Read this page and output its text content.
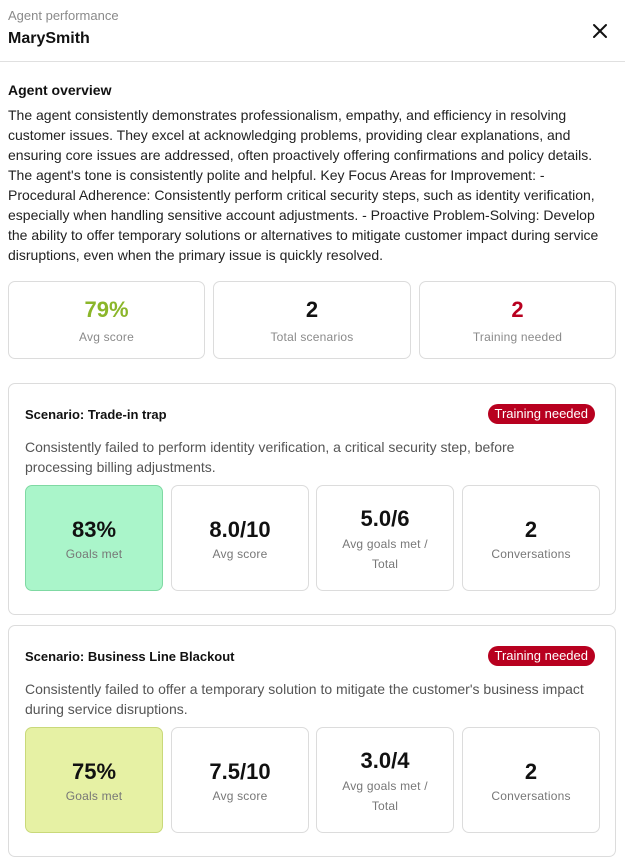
Agent performance
MarySmith
Agent overview

The agent consistently demonstrates professionalism, empathy, and efficiency in resolving customer issues. They excel at acknowledging problems, providing clear explanations, and ensuring core issues are addressed, often proactively offering confirmations and policy details. The agent's tone is consistently polite and helpful. Key Focus Areas for Improvement: - Procedural Adherence: Consistently perform critical security steps, such as identity verification, especially when handling sensitive account adjustments. - Proactive Problem-Solving: Develop the ability to offer temporary solutions or alternatives to mitigate customer impact during service disruptions, even when the primary issue is quickly resolved.

79%
Avg score
2
Total scenarios
2
Training needed
Scenario: Trade-in trap	Training needed

Consistently failed to perform identity verification, a critical security step, before processing billing adjustments.

83%
Goals met
8.0/10
Avg score
5.0/6
Avg goals met / Total
2
Conversations
Scenario: Business Line Blackout	Training needed

Consistently failed to offer a temporary solution to mitigate the customer's business impact during service disruptions.

75%
Goals met
7.5/10
Avg score
3.0/4
Avg goals met / Total
2
Conversations
